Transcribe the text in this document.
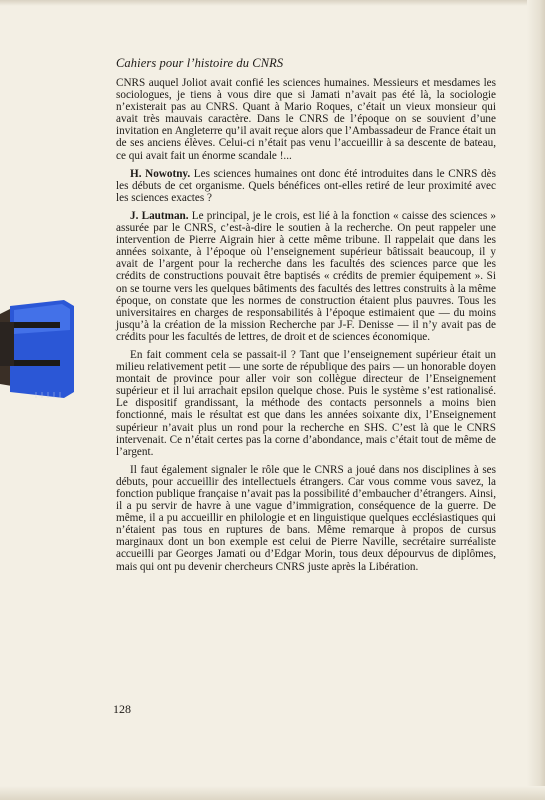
Cahiers pour l’histoire du CNRS

CNRS auquel Joliot avait confié les sciences humaines. Messieurs et mesdames les sociologues, je tiens à vous dire que si Jamati n’avait pas été là, la sociologie n’existerait pas au CNRS. Quant à Mario Roques, c’était un vieux monsieur qui avait très mauvais caractère. Dans le CNRS de l’époque on se souvient d’une invitation en Angleterre qu’il avait reçue alors que l’Ambassadeur de France était un de ses anciens élèves. Celui-ci n’était pas venu l’accueillir à sa descente de bateau, ce qui avait fait un énorme scandale !...

H. Nowotny. Les sciences humaines ont donc été introduites dans le CNRS dès les débuts de cet organisme. Quels bénéfices ont-elles retiré de leur proximité avec les sciences exactes ?

J. Lautman. Le principal, je le crois, est lié à la fonction « caisse des sciences » assurée par le CNRS, c’est-à-dire le soutien à la recherche. On peut rappeler une intervention de Pierre Aigrain hier à cette même tribune. Il rappelait que dans les années soixante, à l’époque où l’enseignement supérieur bâtissait beaucoup, il y avait de l’argent pour la recherche dans les facultés des sciences parce que les crédits de constructions pouvait être baptisés « crédits de premier équipement ». Si on se tourne vers les quelques bâtiments des facultés des lettres construits à la même époque, on constate que les normes de construction étaient plus pauvres. Tous les universitaires en charges de responsabilités à l’époque estimaient que — du moins jusqu’à la création de la mission Recherche par J-F. Denisse — il n’y avait pas de crédits pour les facultés de lettres, de droit et de sciences économique.

En fait comment cela se passait-il ? Tant que l’enseignement supérieur était un milieu relativement petit — une sorte de république des pairs — un honorable doyen montait de province pour aller voir son collègue directeur de l’Enseignement supérieur et il lui arrachait epsilon quelque chose. Puis le système s’est rationalisé. Le dispositif grandissant, la méthode des contacts personnels a moins bien fonctionné, mais le résultat est que dans les années soixante dix, l’Enseignement supérieur n’avait plus un rond pour la recherche en SHS. C’est là que le CNRS intervenait. Ce n’était certes pas la corne d’abondance, mais c’était tout de même de l’argent.

Il faut également signaler le rôle que le CNRS a joué dans nos disciplines à ses débuts, pour accueillir des intellectuels étrangers. Car vous comme vous savez, la fonction publique française n’avait pas la possibilité d’embaucher d’étrangers. Ainsi, il a pu servir de havre à une vague d’immigration, conséquence de la guerre. De même, il a pu accueillir en philologie et en linguistique quelques ecclésiastiques qui n’étaient pas tous en ruptures de bans. Même remarque à propos de cursus marginaux dont un bon exemple est celui de Pierre Naville, secrétaire surréaliste accueilli par Georges Jamati ou d’Edgar Morin, tous deux dépourvus de diplômes, mais qui ont pu devenir chercheurs CNRS juste après la Libération.

128
